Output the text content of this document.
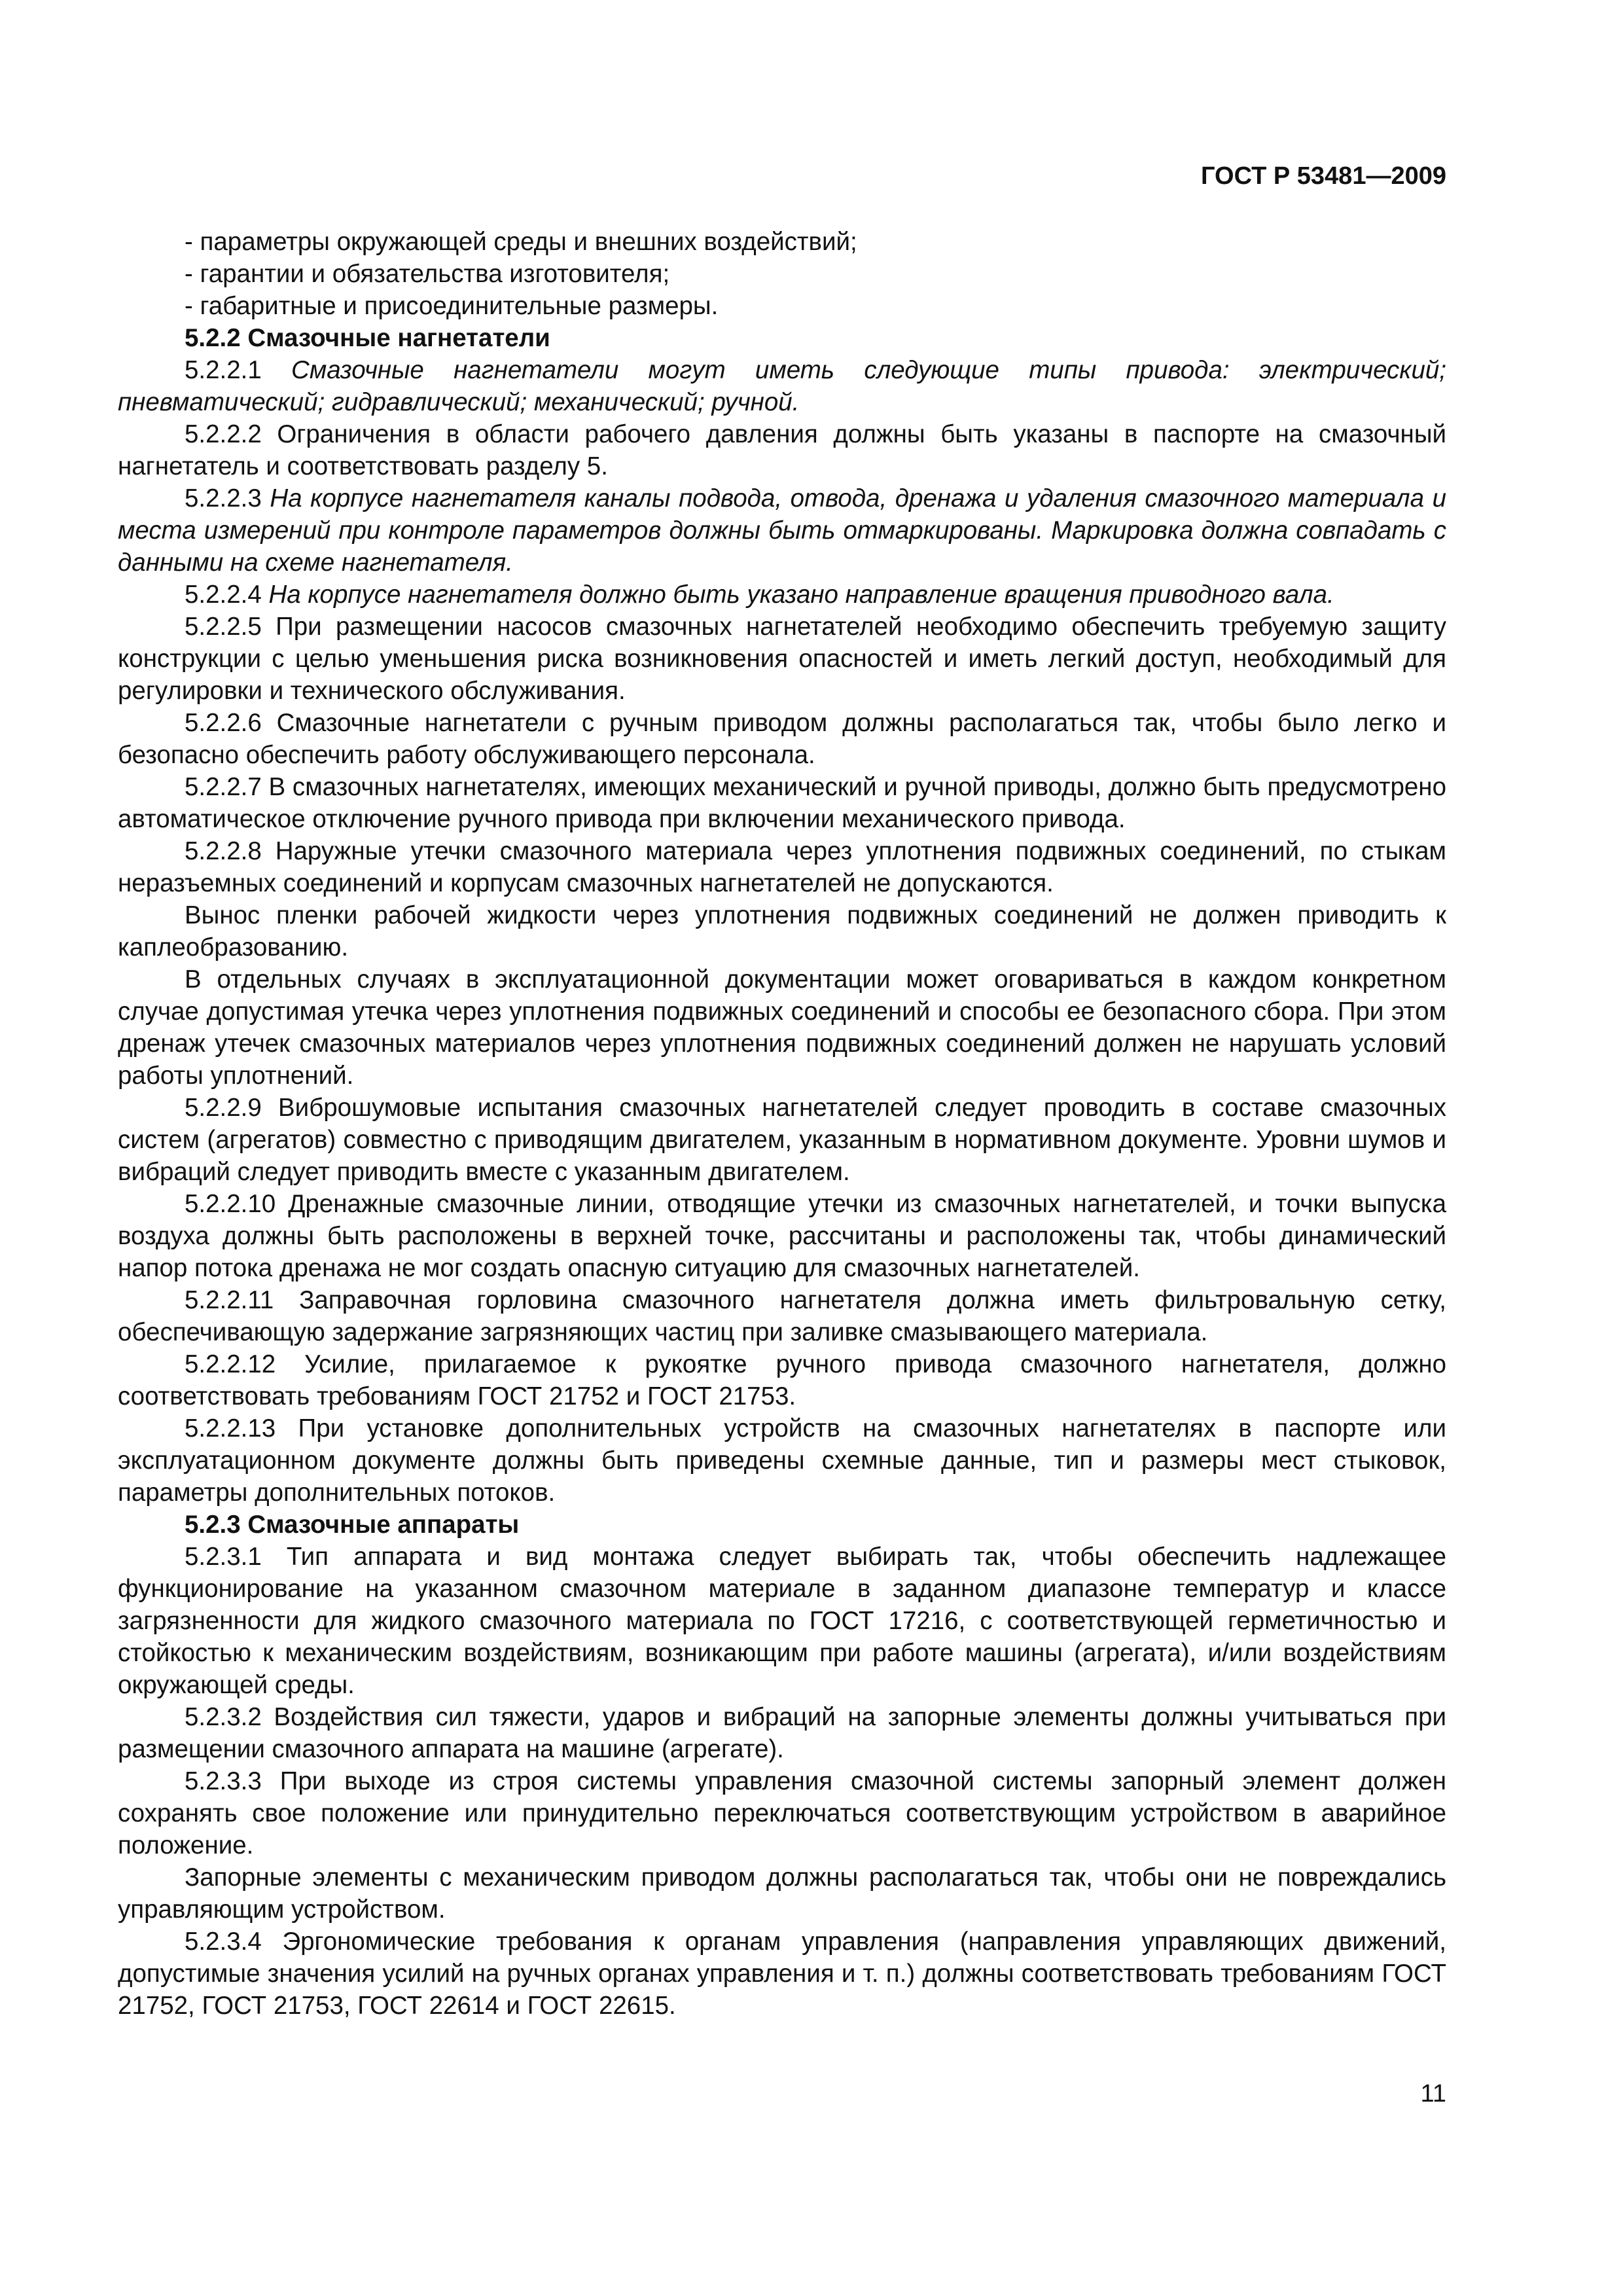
ГОСТ Р 53481—2009

- параметры окружающей среды и внешних воздействий;

- гарантии и обязательства изготовителя;

- габаритные и присоединительные размеры.

5.2.2 Смазочные нагнетатели

5.2.2.1 Смазочные нагнетатели могут иметь следующие типы привода: электрический; пневматический; гидравлический; механический; ручной.

5.2.2.2 Ограничения в области рабочего давления должны быть указаны в паспорте на смазочный нагнетатель и соответствовать разделу 5.

5.2.2.3 На корпусе нагнетателя каналы подвода, отвода, дренажа и удаления смазочного материала и места измерений при контроле параметров должны быть отмаркированы. Маркировка должна совпадать с данными на схеме нагнетателя.

5.2.2.4 На корпусе нагнетателя должно быть указано направление вращения приводного вала.

5.2.2.5 При размещении насосов смазочных нагнетателей необходимо обеспечить требуемую защиту конструкции с целью уменьшения риска возникновения опасностей и иметь легкий доступ, необходимый для регулировки и технического обслуживания.

5.2.2.6 Смазочные нагнетатели с ручным приводом должны располагаться так, чтобы было легко и безопасно обеспечить работу обслуживающего персонала.

5.2.2.7 В смазочных нагнетателях, имеющих механический и ручной приводы, должно быть предусмотрено автоматическое отключение ручного привода при включении механического привода.

5.2.2.8 Наружные утечки смазочного материала через уплотнения подвижных соединений, по стыкам неразъемных соединений и корпусам смазочных нагнетателей не допускаются.

Вынос пленки рабочей жидкости через уплотнения подвижных соединений не должен приводить к каплеобразованию.

В отдельных случаях в эксплуатационной документации может оговариваться в каждом конкретном случае допустимая утечка через уплотнения подвижных соединений и способы ее безопасного сбора. При этом дренаж утечек смазочных материалов через уплотнения подвижных соединений должен не нарушать условий работы уплотнений.

5.2.2.9 Виброшумовые испытания смазочных нагнетателей следует проводить в составе смазочных систем (агрегатов) совместно с приводящим двигателем, указанным в нормативном документе. Уровни шумов и вибраций следует приводить вместе с указанным двигателем.

5.2.2.10 Дренажные смазочные линии, отводящие утечки из смазочных нагнетателей, и точки выпуска воздуха должны быть расположены в верхней точке, рассчитаны и расположены так, чтобы динамический напор потока дренажа не мог создать опасную ситуацию для смазочных нагнетателей.

5.2.2.11 Заправочная горловина смазочного нагнетателя должна иметь фильтровальную сетку, обеспечивающую задержание загрязняющих частиц при заливке смазывающего материала.

5.2.2.12 Усилие, прилагаемое к рукоятке ручного привода смазочного нагнетателя, должно соответствовать требованиям ГОСТ 21752 и ГОСТ 21753.

5.2.2.13 При установке дополнительных устройств на смазочных нагнетателях в паспорте или эксплуатационном документе должны быть приведены схемные данные, тип и размеры мест стыковок, параметры дополнительных потоков.

5.2.3 Смазочные аппараты

5.2.3.1 Тип аппарата и вид монтажа следует выбирать так, чтобы обеспечить надлежащее функционирование на указанном смазочном материале в заданном диапазоне температур и классе загрязненности для жидкого смазочного материала по ГОСТ 17216, с соответствующей герметичностью и стойкостью к механическим воздействиям, возникающим при работе машины (агрегата), и/или воздействиям окружающей среды.

5.2.3.2 Воздействия сил тяжести, ударов и вибраций на запорные элементы должны учитываться при размещении смазочного аппарата на машине (агрегате).

5.2.3.3 При выходе из строя системы управления смазочной системы запорный элемент должен сохранять свое положение или принудительно переключаться соответствующим устройством в аварийное положение.

Запорные элементы с механическим приводом должны располагаться так, чтобы они не повреждались управляющим устройством.

5.2.3.4 Эргономические требования к органам управления (направления управляющих движений, допустимые значения усилий на ручных органах управления и т. п.) должны соответствовать требованиям ГОСТ 21752, ГОСТ 21753, ГОСТ 22614 и ГОСТ 22615.

11
